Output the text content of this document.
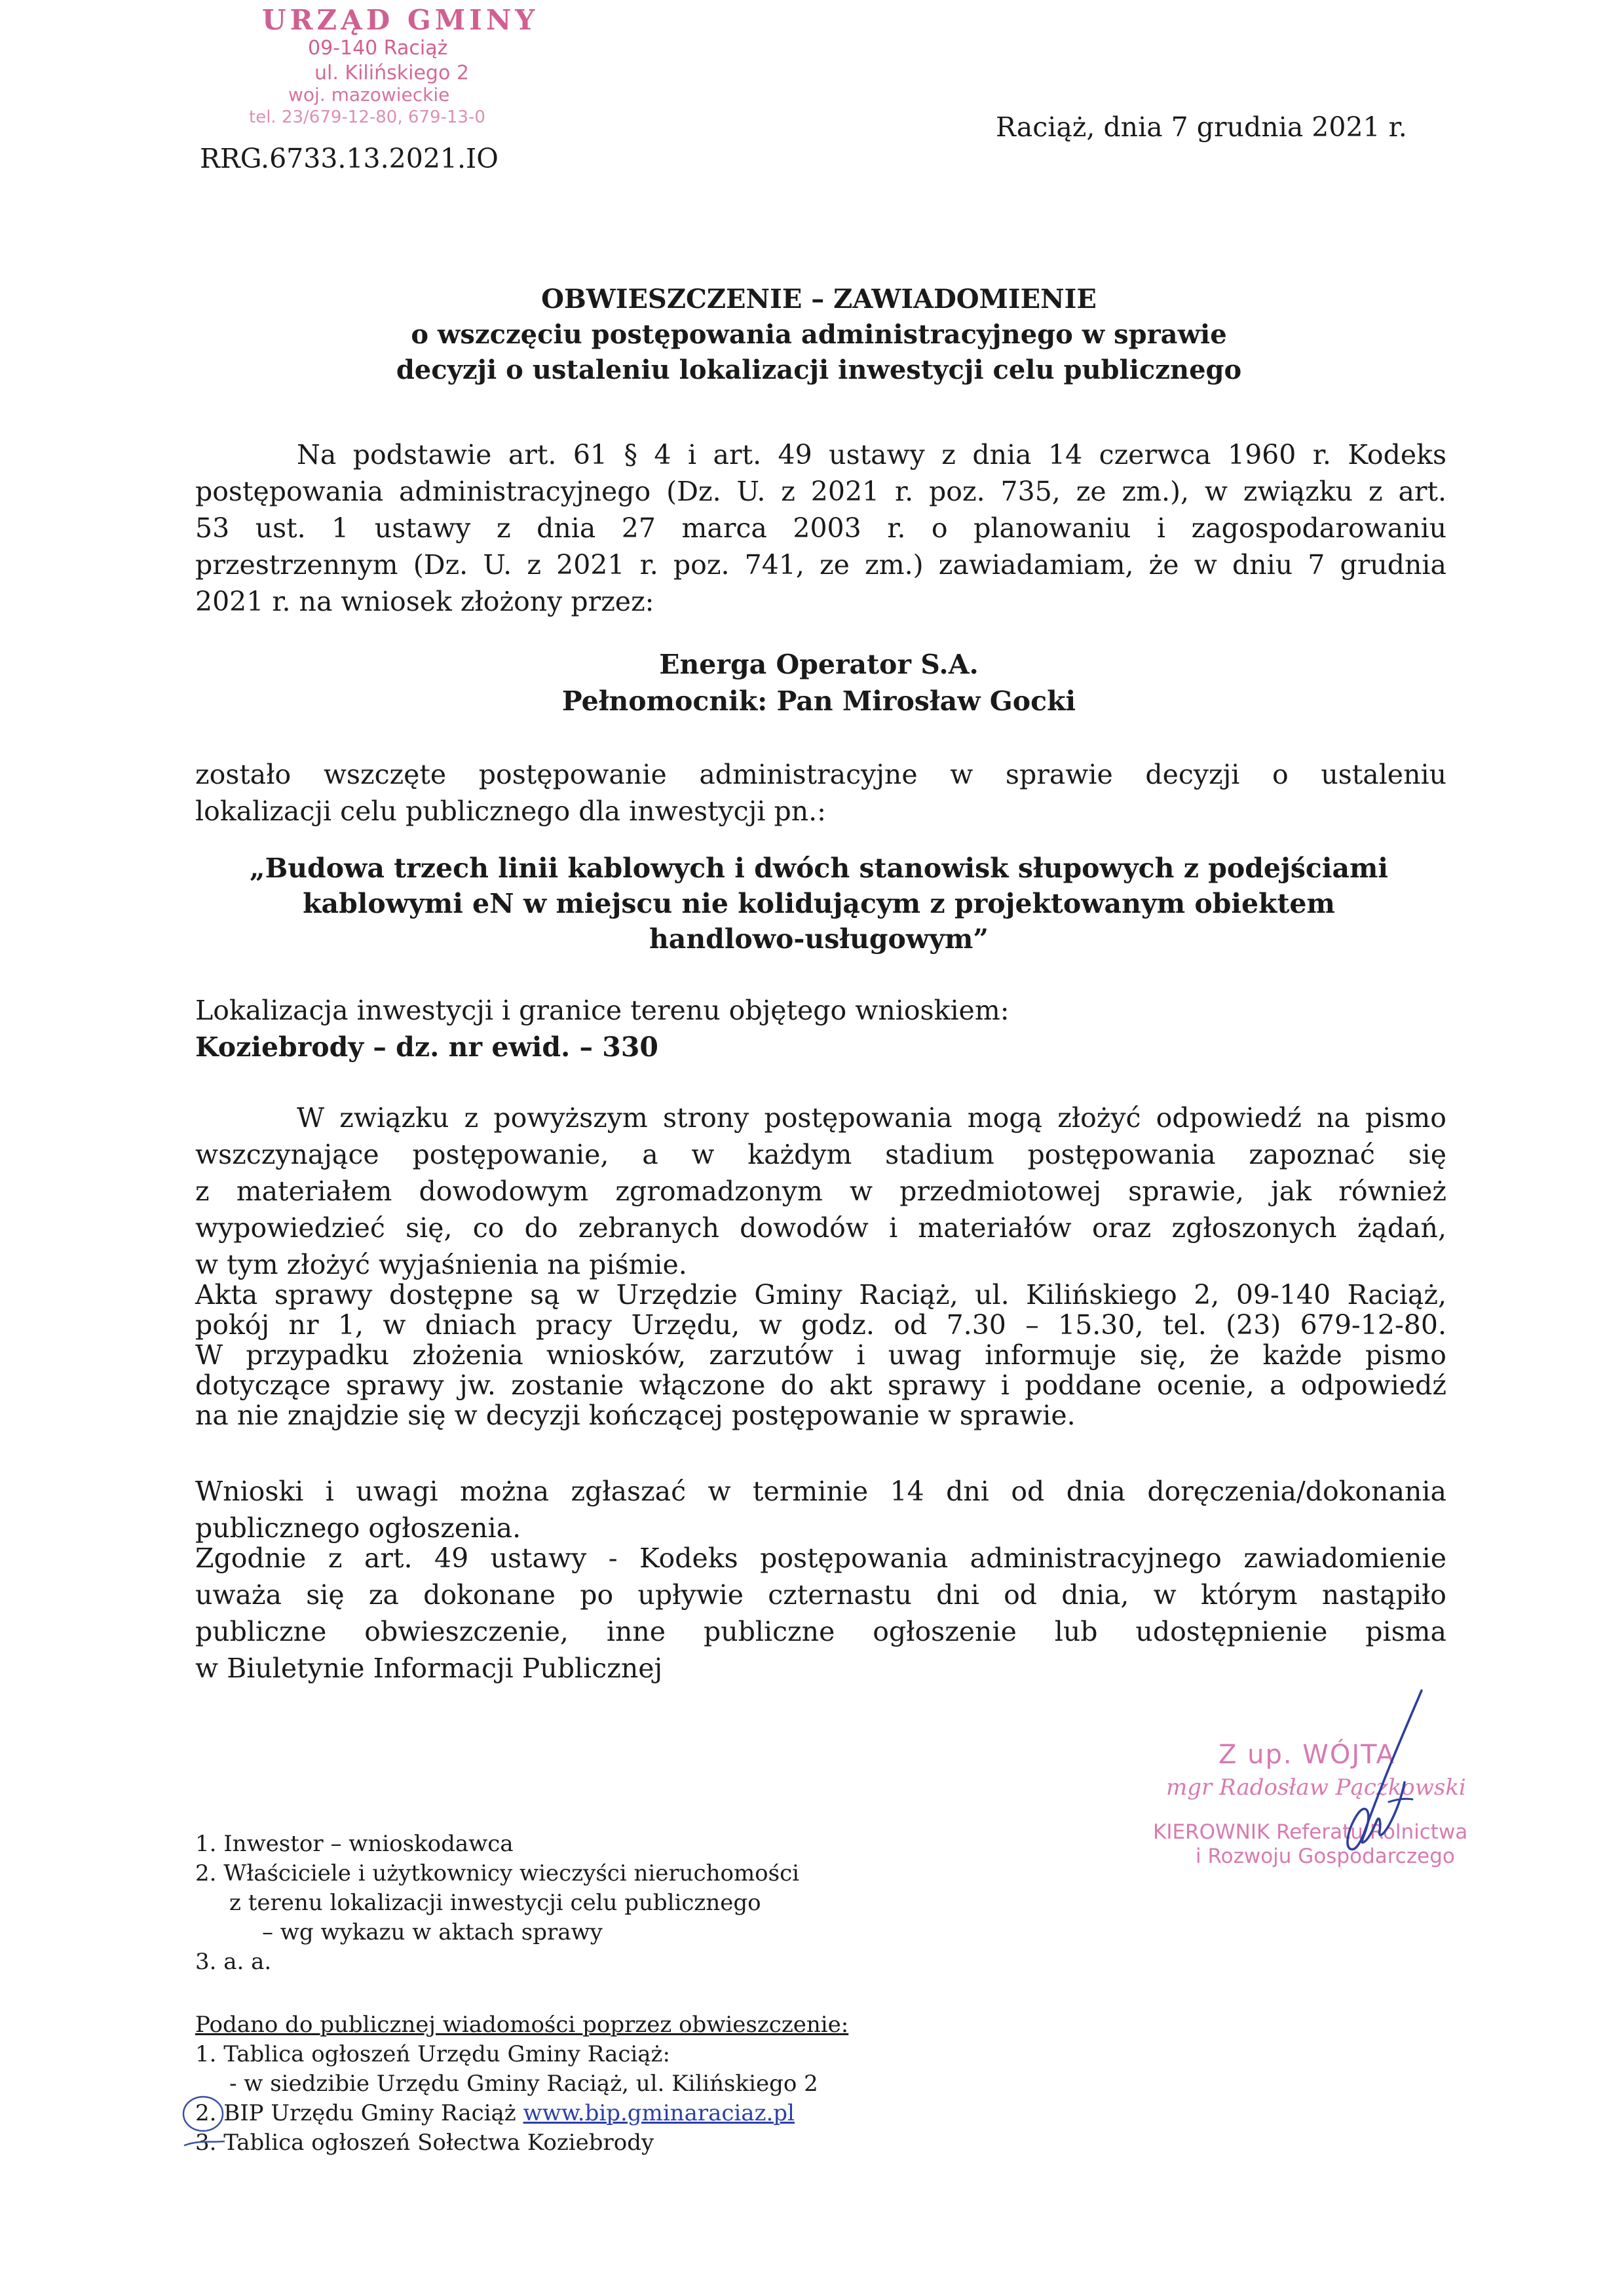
URZĄD GMINY
09-140 Raciąż
ul. Kilińskiego 2
woj. mazowieckie
tel. 23/679-12-80, 679-13-0	Raciąż, dnia 7 grudnia 2021 r.
RRG.6733.13.2021.IO
OBWIESZCZENIE – ZAWIADOMIENIE
o wszczęciu postępowania administracyjnego w sprawie
decyzji o ustaleniu lokalizacji inwestycji celu publicznego
Na podstawie art. 61 § 4 i art. 49 ustawy z dnia 14 czerwca 1960 r. Kodeks
postępowania administracyjnego (Dz. U. z 2021 r. poz. 735, ze zm.), w związku z art.
53 ust. 1 ustawy z dnia 27 marca 2003 r. o planowaniu i zagospodarowaniu
przestrzennym (Dz. U. z 2021 r. poz. 741, ze zm.) zawiadamiam, że w dniu 7 grudnia
2021 r. na wniosek złożony przez:
Energa Operator S.A.
Pełnomocnik: Pan Mirosław Gocki
zostało wszczęte postępowanie administracyjne w sprawie decyzji o ustaleniu
lokalizacji celu publicznego dla inwestycji pn.:
„Budowa trzech linii kablowych i dwóch stanowisk słupowych z podejściami
kablowymi eN w miejscu nie kolidującym z projektowanym obiektem
handlowo-usługowym”
Lokalizacja inwestycji i granice terenu objętego wnioskiem:
Koziebrody – dz. nr ewid. – 330
W związku z powyższym strony postępowania mogą złożyć odpowiedź na pismo
wszczynające postępowanie, a w każdym stadium postępowania zapoznać się
z materiałem dowodowym zgromadzonym w przedmiotowej sprawie, jak również
wypowiedzieć się, co do zebranych dowodów i materiałów oraz zgłoszonych żądań,
w tym złożyć wyjaśnienia na piśmie.
Akta sprawy dostępne są w Urzędzie Gminy Raciąż, ul. Kilińskiego 2, 09-140 Raciąż,
pokój nr 1, w dniach pracy Urzędu, w godz. od 7.30 – 15.30, tel. (23) 679-12-80.
W przypadku złożenia wniosków, zarzutów i uwag informuje się, że każde pismo
dotyczące sprawy jw. zostanie włączone do akt sprawy i poddane ocenie, a odpowiedź
na nie znajdzie się w decyzji kończącej postępowanie w sprawie.
Wnioski i uwagi można zgłaszać w terminie 14 dni od dnia doręczenia/dokonania
publicznego ogłoszenia.
Zgodnie z art. 49 ustawy - Kodeks postępowania administracyjnego zawiadomienie
uważa się za dokonane po upływie czternastu dni od dnia, w którym nastąpiło
publiczne obwieszczenie, inne publiczne ogłoszenie lub udostępnienie pisma
w Biuletynie Informacji Publicznej
Z up. WÓJTA
mgr Radosław Pączkowski
KIEROWNIK Referatu Rolnictwa
i Rozwoju Gospodarczego
1. Inwestor – wnioskodawca
2. Właściciele i użytkownicy wieczyści nieruchomości
z terenu lokalizacji inwestycji celu publicznego
– wg wykazu w aktach sprawy
3. a. a.
Podano do publicznej wiadomości poprzez obwieszczenie:
1. Tablica ogłoszeń Urzędu Gminy Raciąż:
- w siedzibie Urzędu Gminy Raciąż, ul. Kilińskiego 2
2. BIP Urzędu Gminy Raciąż www.bip.gminaraciaz.pl
3. Tablica ogłoszeń Sołectwa Koziebrody
